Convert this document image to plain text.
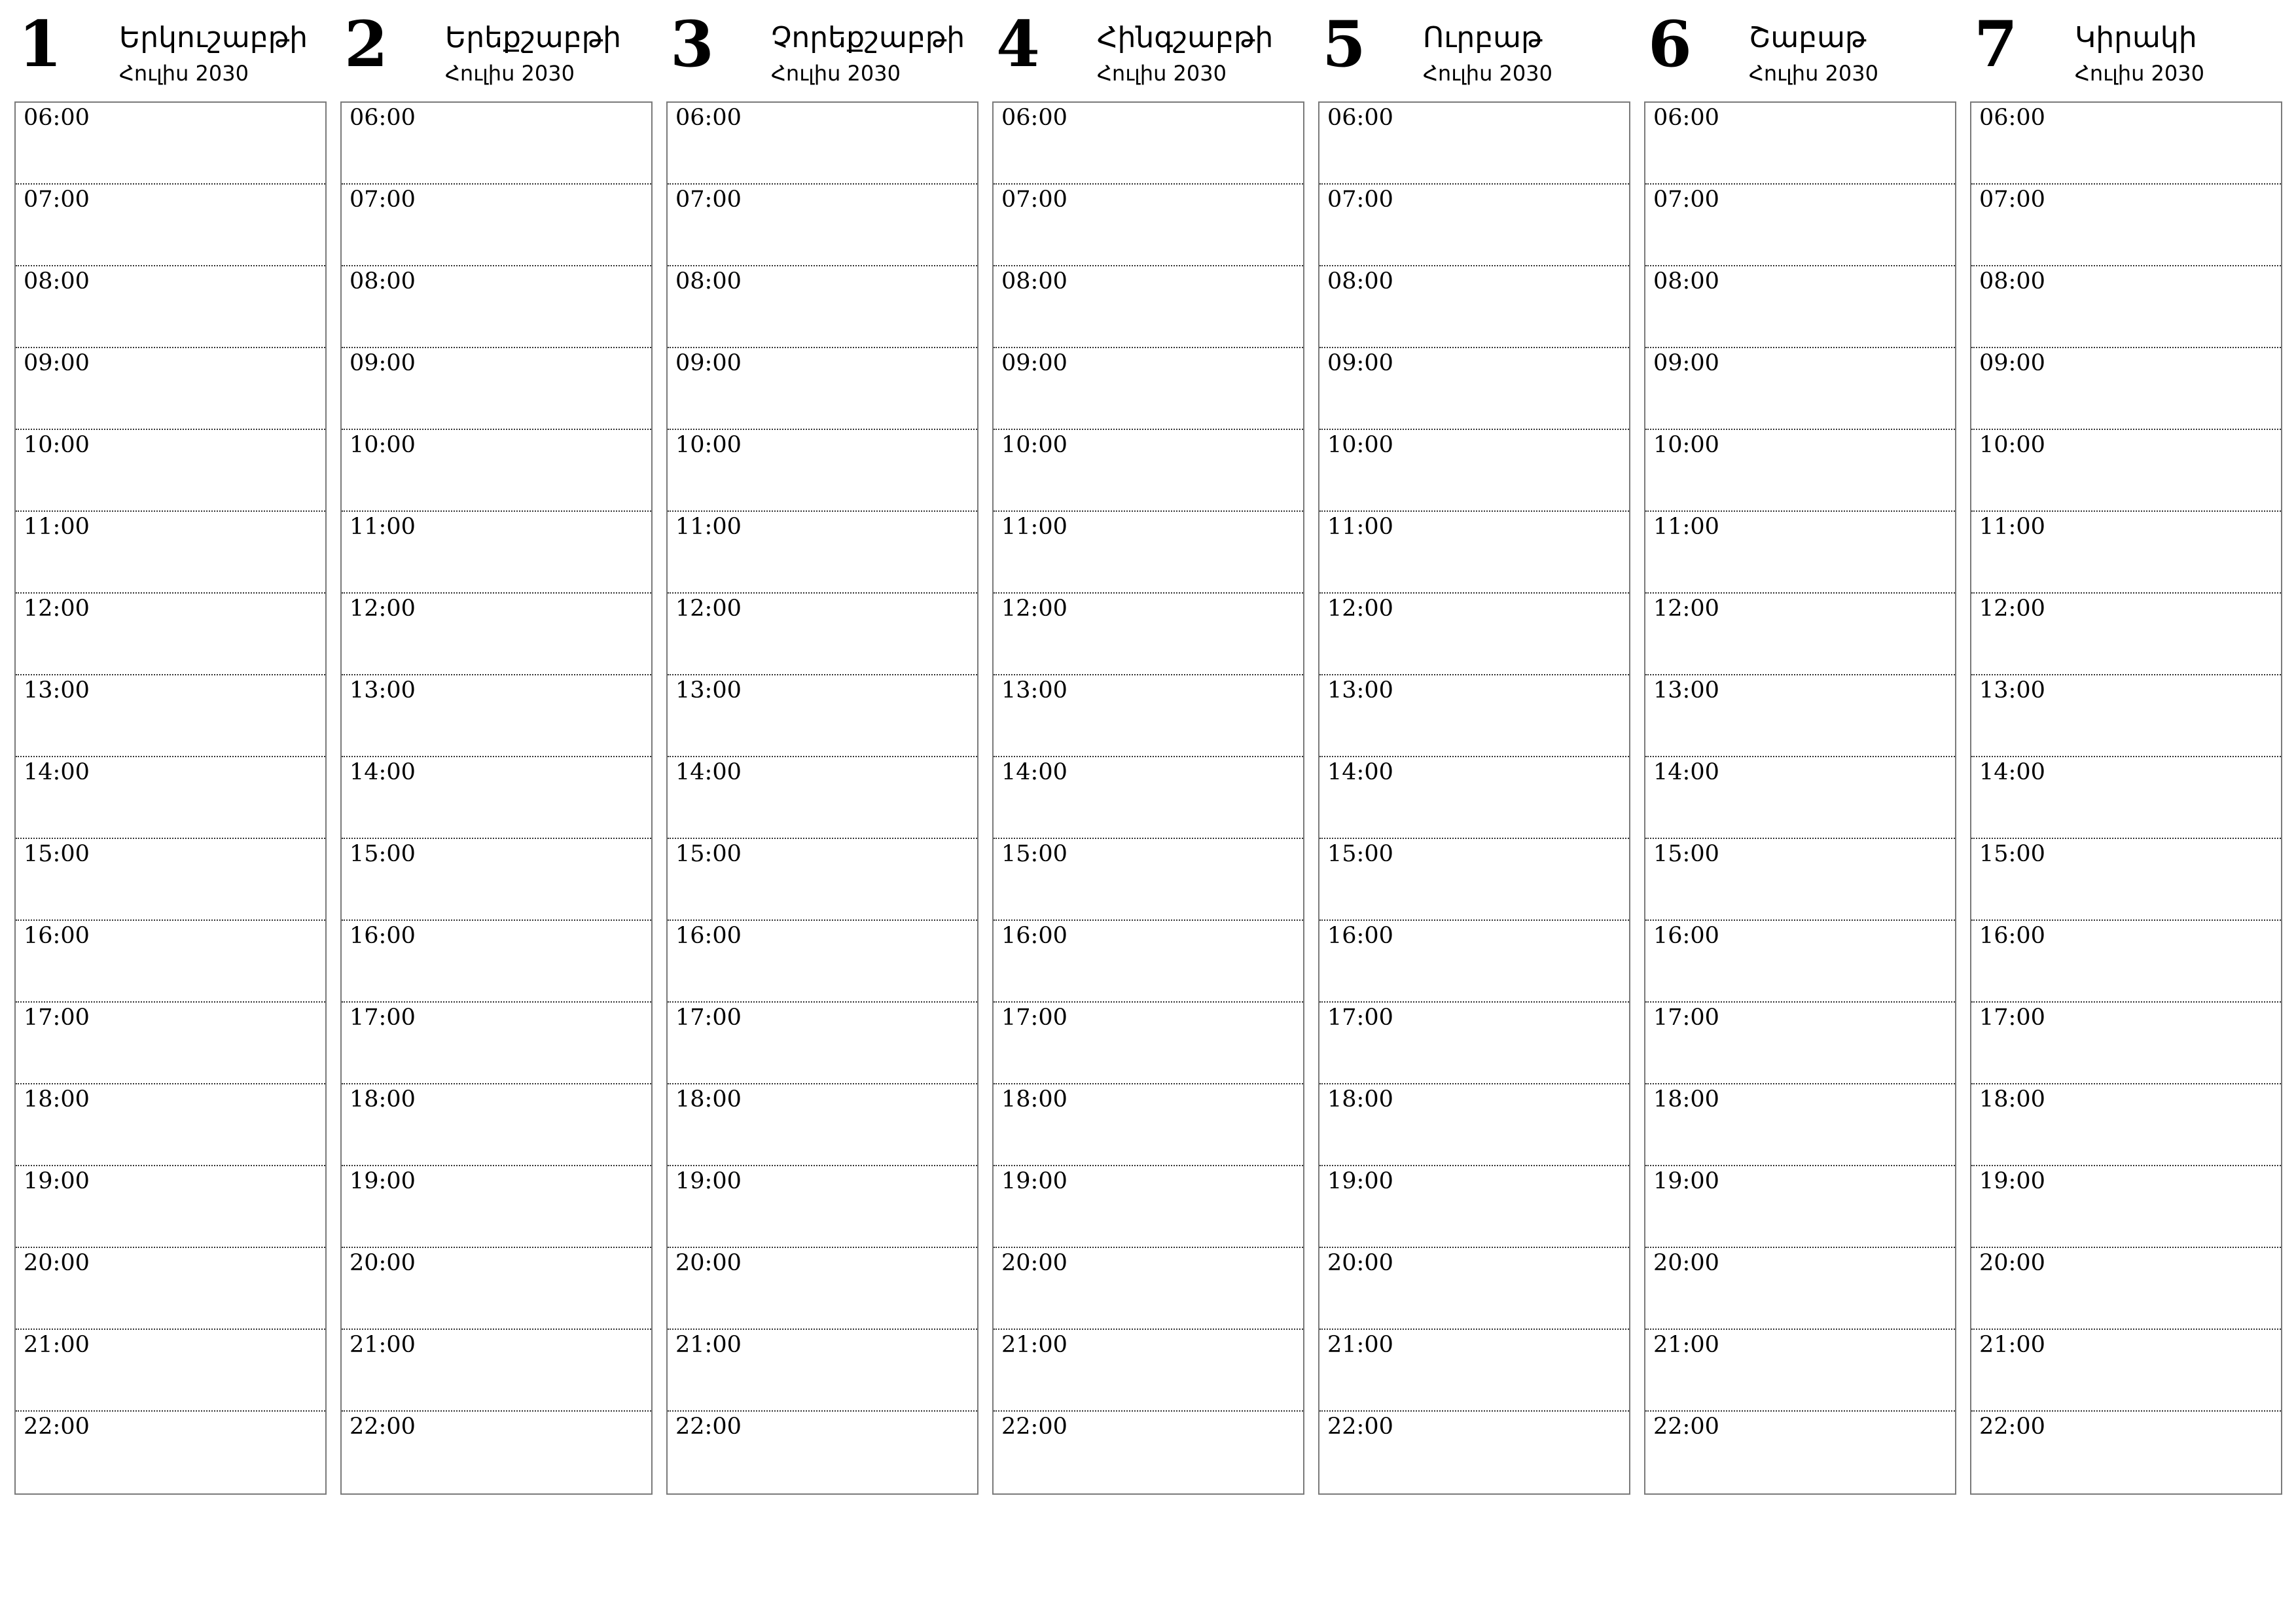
1 Երկուշաբթի
Հուլիս 2030
06:00
07:00
08:00
09:00
10:00
11:00
12:00
13:00
14:00
15:00
16:00
17:00
18:00
19:00
20:00
21:00
22:00
2 Երեքշաբթի
Հուլիս 2030
06:00
07:00
08:00
09:00
10:00
11:00
12:00
13:00
14:00
15:00
16:00
17:00
18:00
19:00
20:00
21:00
22:00
3 Չորեքշաբթի
Հուլիս 2030
06:00
07:00
08:00
09:00
10:00
11:00
12:00
13:00
14:00
15:00
16:00
17:00
18:00
19:00
20:00
21:00
22:00
4 Հինգշաբթի
Հուլիս 2030
06:00
07:00
08:00
09:00
10:00
11:00
12:00
13:00
14:00
15:00
16:00
17:00
18:00
19:00
20:00
21:00
22:00
5 Ուրբաթ
Հուլիս 2030
06:00
07:00
08:00
09:00
10:00
11:00
12:00
13:00
14:00
15:00
16:00
17:00
18:00
19:00
20:00
21:00
22:00
6 Շաբաթ
Հուլիս 2030
06:00
07:00
08:00
09:00
10:00
11:00
12:00
13:00
14:00
15:00
16:00
17:00
18:00
19:00
20:00
21:00
22:00
7 Կիրակի
Հուլիս 2030
06:00
07:00
08:00
09:00
10:00
11:00
12:00
13:00
14:00
15:00
16:00
17:00
18:00
19:00
20:00
21:00
22:00
